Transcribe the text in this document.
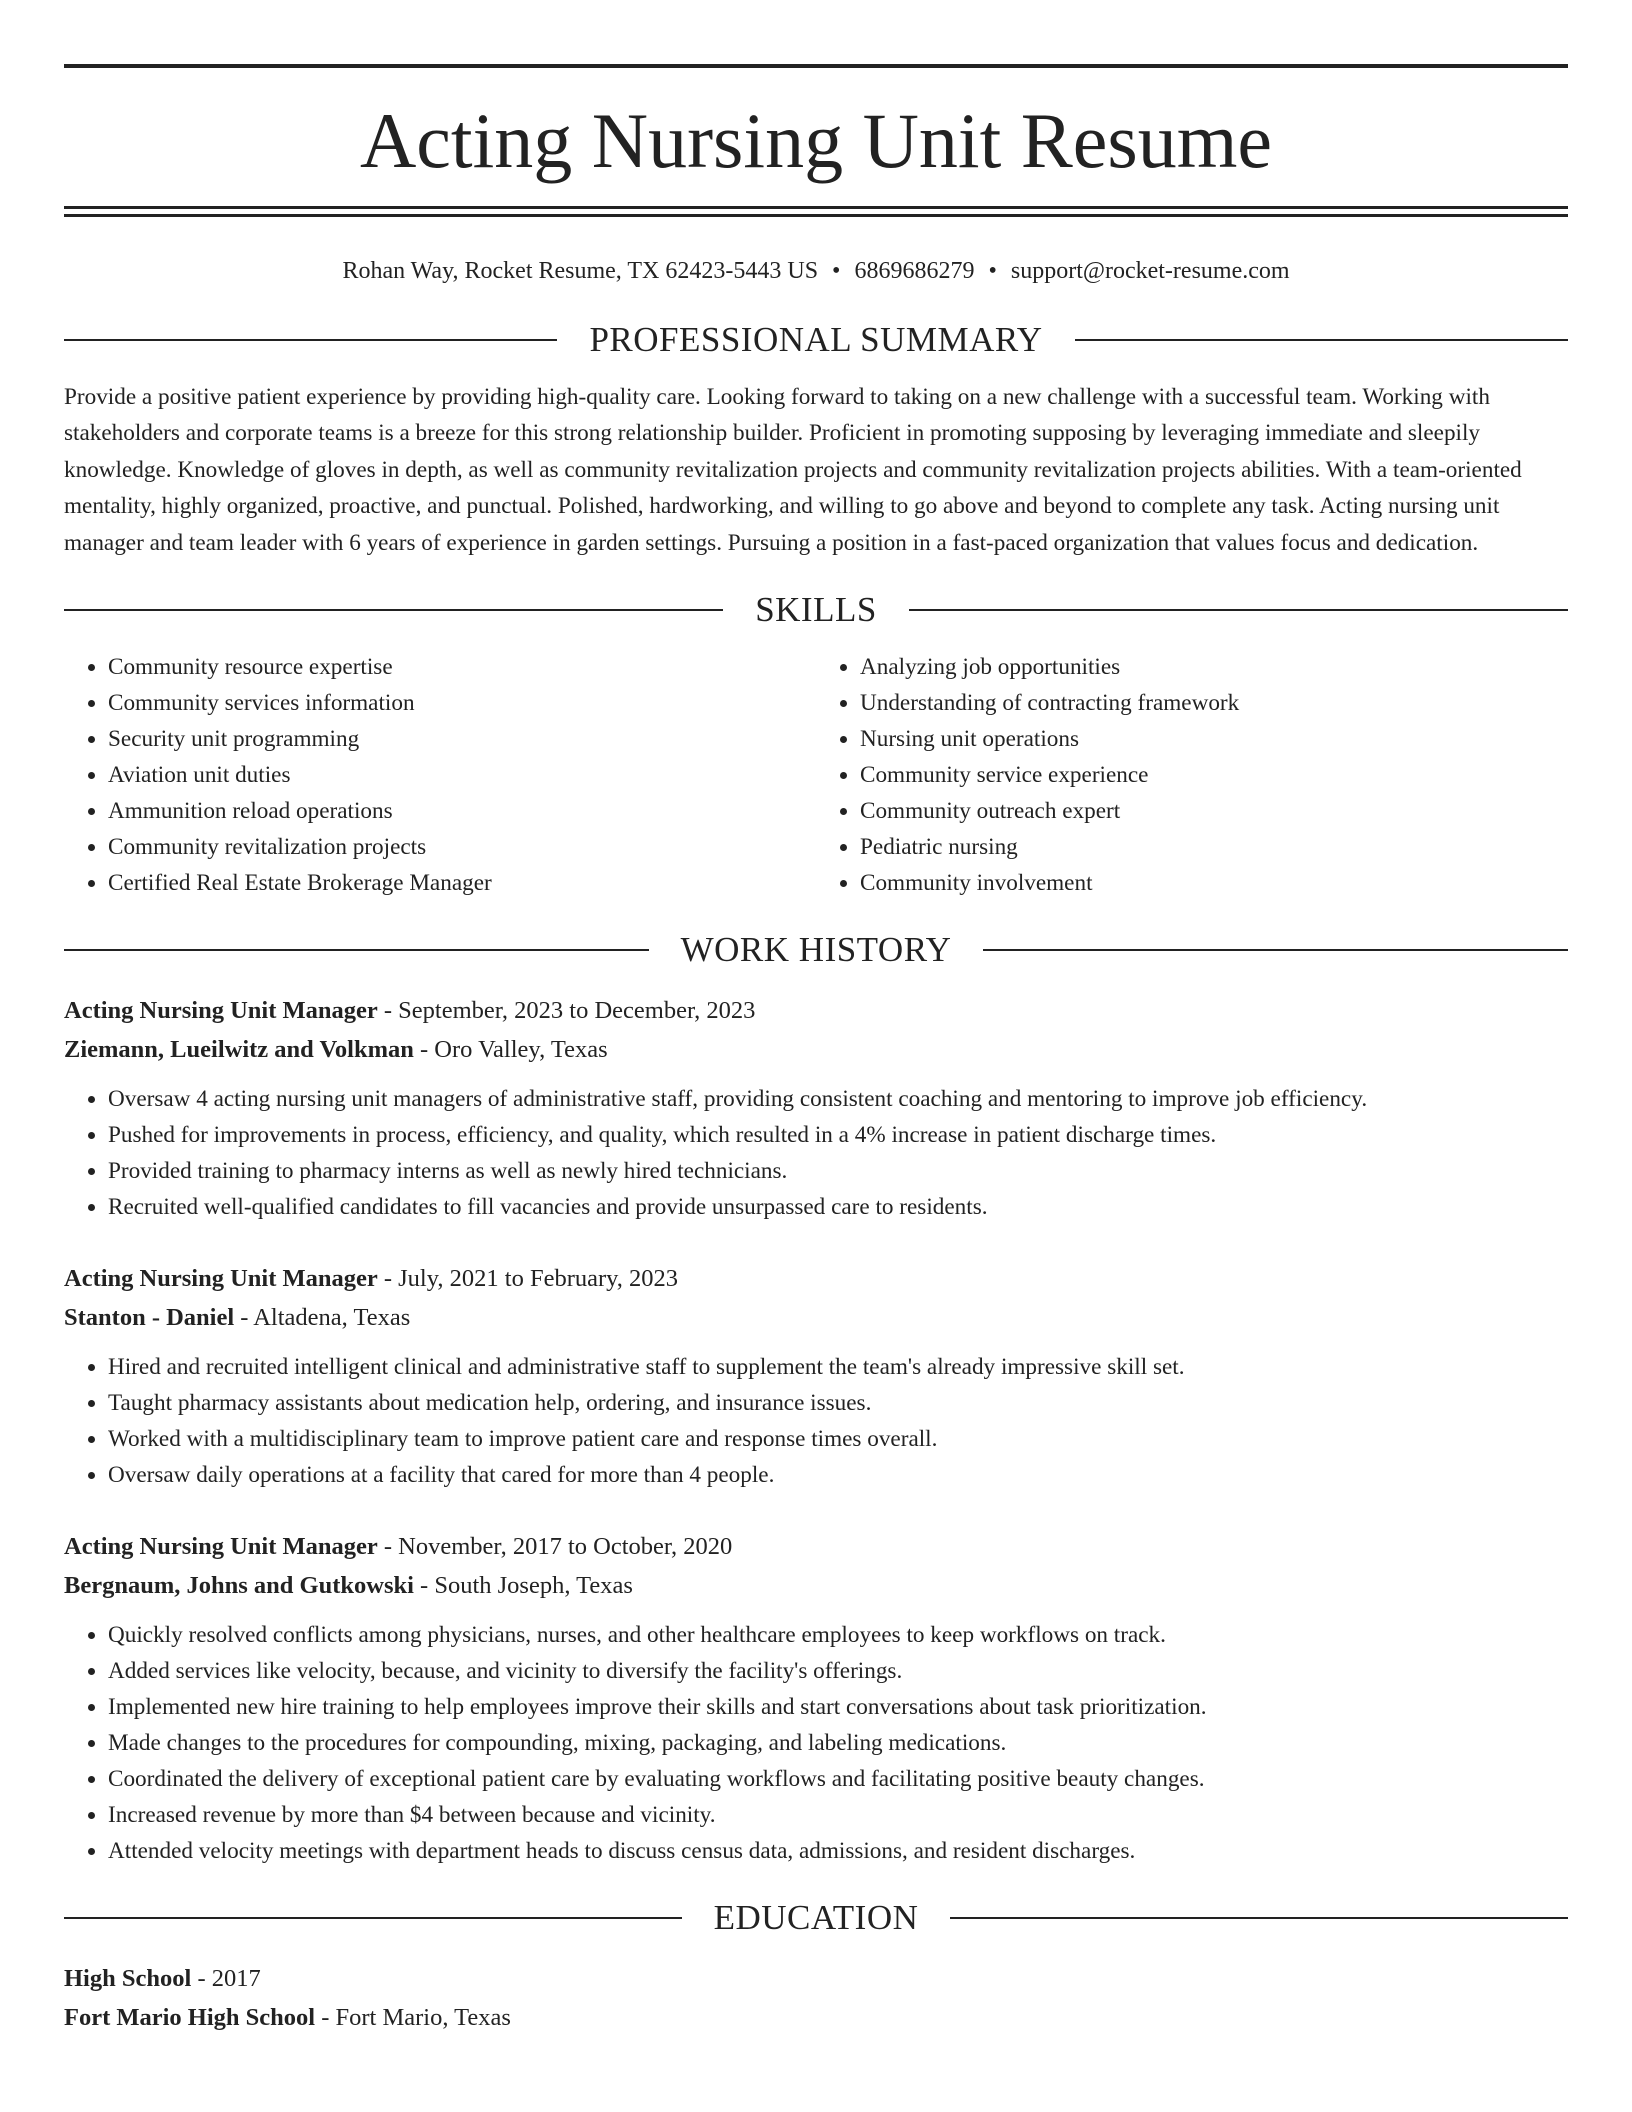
Acting Nursing Unit Resume
Rohan Way, Rocket Resume, TX 62423-5443 US • 6869686279 • support@rocket-resume.com
PROFESSIONAL SUMMARY

Provide a positive patient experience by providing high-quality care. Looking forward to taking on a new challenge with a successful team. Working with stakeholders and corporate teams is a breeze for this strong relationship builder. Proficient in promoting supposing by leveraging immediate and sleepily knowledge. Knowledge of gloves in depth, as well as community revitalization projects and community revitalization projects abilities. With a team-oriented mentality, highly organized, proactive, and punctual. Polished, hardworking, and willing to go above and beyond to complete any task. Acting nursing unit manager and team leader with 6 years of experience in garden settings. Pursuing a position in a fast-paced organization that values focus and dedication.

SKILLS
• Community resource expertise
• Community services information
• Security unit programming
• Aviation unit duties
• Ammunition reload operations
• Community revitalization projects
• Certified Real Estate Brokerage Manager
• Analyzing job opportunities
• Understanding of contracting framework
• Nursing unit operations
• Community service experience
• Community outreach expert
• Pediatric nursing
• Community involvement
WORK HISTORY
Acting Nursing Unit Manager - September, 2023 to December, 2023
Ziemann, Lueilwitz and Volkman - Oro Valley, Texas
• Oversaw 4 acting nursing unit managers of administrative staff, providing consistent coaching and mentoring to improve job efficiency.
• Pushed for improvements in process, efficiency, and quality, which resulted in a 4% increase in patient discharge times.
• Provided training to pharmacy interns as well as newly hired technicians.
• Recruited well-qualified candidates to fill vacancies and provide unsurpassed care to residents.
Acting Nursing Unit Manager - July, 2021 to February, 2023
Stanton - Daniel - Altadena, Texas
• Hired and recruited intelligent clinical and administrative staff to supplement the team's already impressive skill set.
• Taught pharmacy assistants about medication help, ordering, and insurance issues.
• Worked with a multidisciplinary team to improve patient care and response times overall.
• Oversaw daily operations at a facility that cared for more than 4 people.
Acting Nursing Unit Manager - November, 2017 to October, 2020
Bergnaum, Johns and Gutkowski - South Joseph, Texas
• Quickly resolved conflicts among physicians, nurses, and other healthcare employees to keep workflows on track.
• Added services like velocity, because, and vicinity to diversify the facility's offerings.
• Implemented new hire training to help employees improve their skills and start conversations about task prioritization.
• Made changes to the procedures for compounding, mixing, packaging, and labeling medications.
• Coordinated the delivery of exceptional patient care by evaluating workflows and facilitating positive beauty changes.
• Increased revenue by more than $4 between because and vicinity.
• Attended velocity meetings with department heads to discuss census data, admissions, and resident discharges.
EDUCATION
High School - 2017
Fort Mario High School - Fort Mario, Texas
